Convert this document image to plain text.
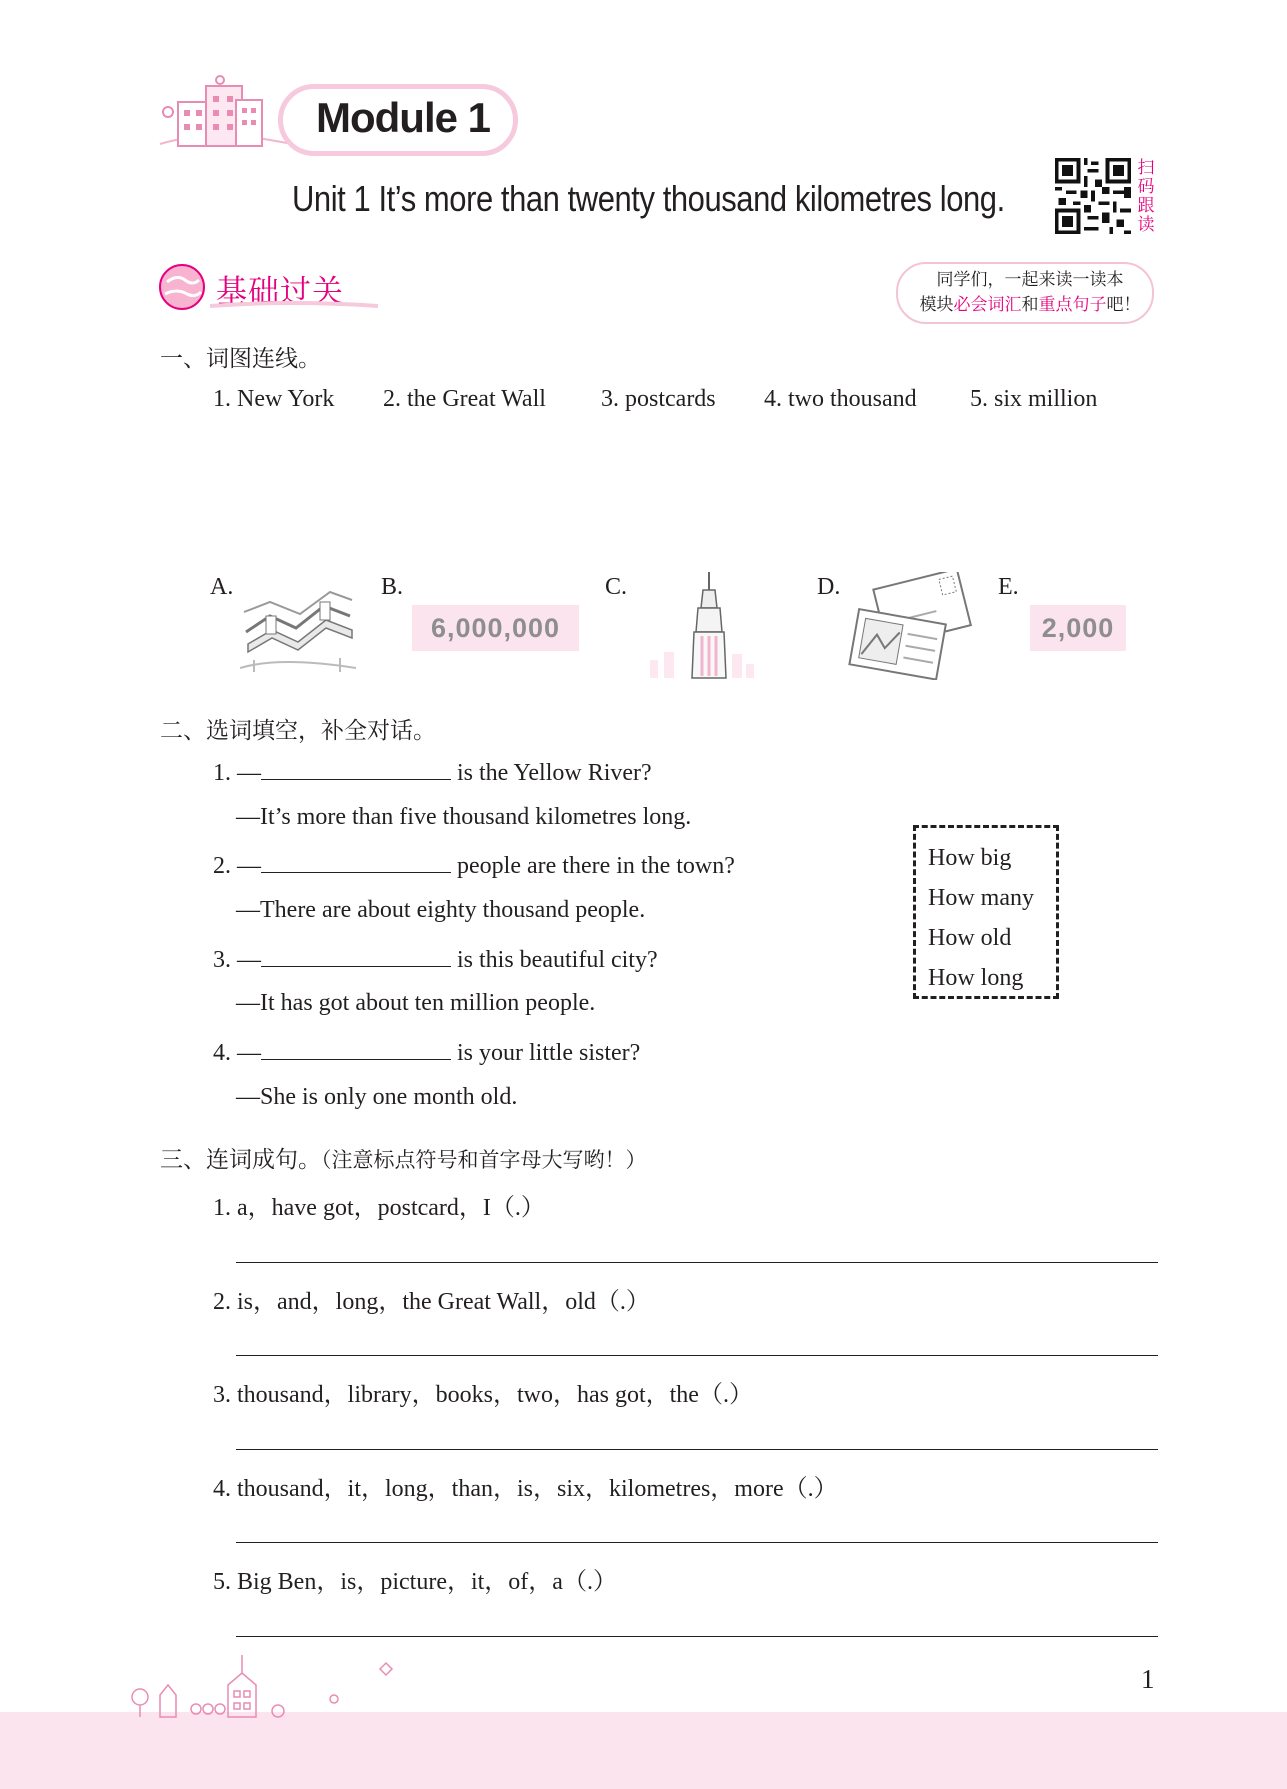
Module 1
Unit 1 It’s more than twenty thousand kilometres long.
扫
码
跟
读
基础过关	同学们，一起来读一读本
模块必会词汇和重点句子吧！
一、词图连线。
1. New York 2. the Great Wall 3. postcards 4. two thousand 5. six million
A.	B.
6,000,000
C.	D.	E.
2,000
二、选词填空，补全对话。
1. —	is the Yellow River?
—It’s more than five thousand kilometres long.
2. —	people are there in the town?
—There are about eighty thousand people.
3. —	is this beautiful city?
—It has got about ten million people.
4. —	is your little sister?
—She is only one month old.
How big
How many
How old
How long
三、连词成句。（注意标点符号和首字母大写哟！）
1. a，have got，postcard，I（.）
2. is，and，long，the Great Wall，old（.）
3. thousand，library，books，two，has got，the（.）
4. thousand，it，long，than，is，six，kilometres，more（.）
5. Big Ben，is，picture，it，of，a（.）
1
